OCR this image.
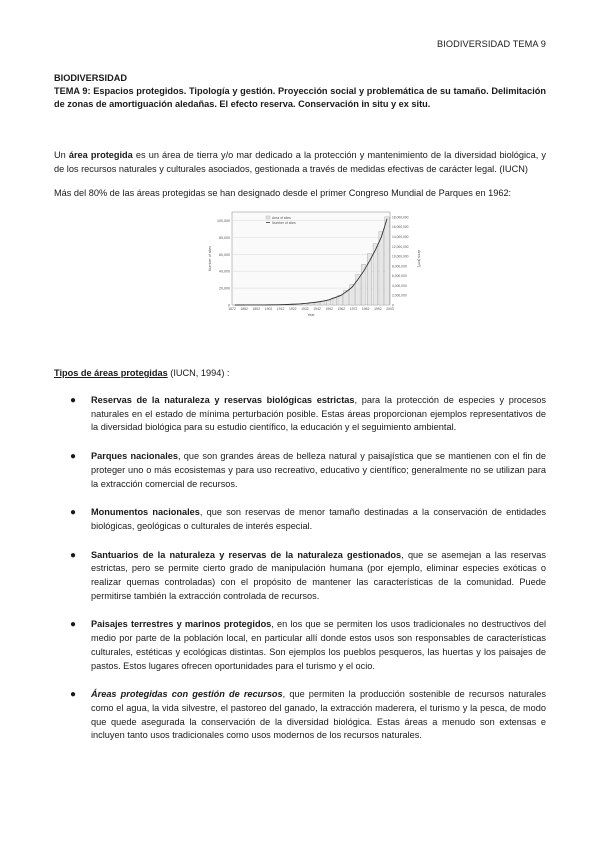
BIODIVERSIDAD TEMA 9

BIODIVERSIDAD

TEMA 9: Espacios protegidos. Tipología y gestión. Proyección social y problemática de su tamaño. Delimitación de zonas de amortiguación aledañas. El efecto reserva. Conservación in situ y ex situ.

Un área protegida es un área de tierra y/o mar dedicado a la protección y mantenimiento de la diversidad biológica, y de los recursos naturales y culturales asociados, gestionada a través de medidas efectivas de carácter legal. (IUCN)

Más del 80% de las áreas protegidas se han designado desde el primer Congreso Mundial de Parques en 1962:

0
20,000
40,000
60,000
80,000
100,000
0
2,000,000
4,000,000
6,000,000
8,000,000
10,000,000
12,000,000
14,000,000
16,000,000
18,000,000
1872 1882 1892 1902 1912 1922 1932 1942 1952 1962 1972 1982 1992 2003
Year
Number of sites	Area (km²)
Area of sites
Number of sites

Tipos de áreas protegidas (IUCN, 1994) :

● Reservas de la naturaleza y reservas biológicas estrictas, para la protección de especies y procesos naturales en el estado de mínima perturbación posible. Estas áreas proporcionan ejemplos representativos de la diversidad biológica para su estudio científico, la educación y el seguimiento ambiental.
● Parques nacionales, que son grandes áreas de belleza natural y paisajística que se mantienen con el fin de proteger uno o más ecosistemas y para uso recreativo, educativo y científico; generalmente no se utilizan para la extracción comercial de recursos.
● Monumentos nacionales, que son reservas de menor tamaño destinadas a la conservación de entidades biológicas, geológicas o culturales de interés especial.
● Santuarios de la naturaleza y reservas de la naturaleza gestionados, que se asemejan a las reservas estrictas, pero se permite cierto grado de manipulación humana (por ejemplo, eliminar especies exóticas o realizar quemas controladas) con el propósito de mantener las características de la comunidad. Puede permitirse también la extracción controlada de recursos.
● Paisajes terrestres y marinos protegidos, en los que se permiten los usos tradicionales no destructivos del medio por parte de la población local, en particular allí donde estos usos son responsables de características culturales, estéticas y ecológicas distintas. Son ejemplos los pueblos pesqueros, las huertas y los paisajes de pastos. Estos lugares ofrecen oportunidades para el turismo y el ocio.
● Áreas protegidas con gestión de recursos, que permiten la producción sostenible de recursos naturales como el agua, la vida silvestre, el pastoreo del ganado, la extracción maderera, el turismo y la pesca, de modo que quede asegurada la conservación de la diversidad biológica. Estas áreas a menudo son extensas e incluyen tanto usos tradicionales como usos modernos de los recursos naturales.
